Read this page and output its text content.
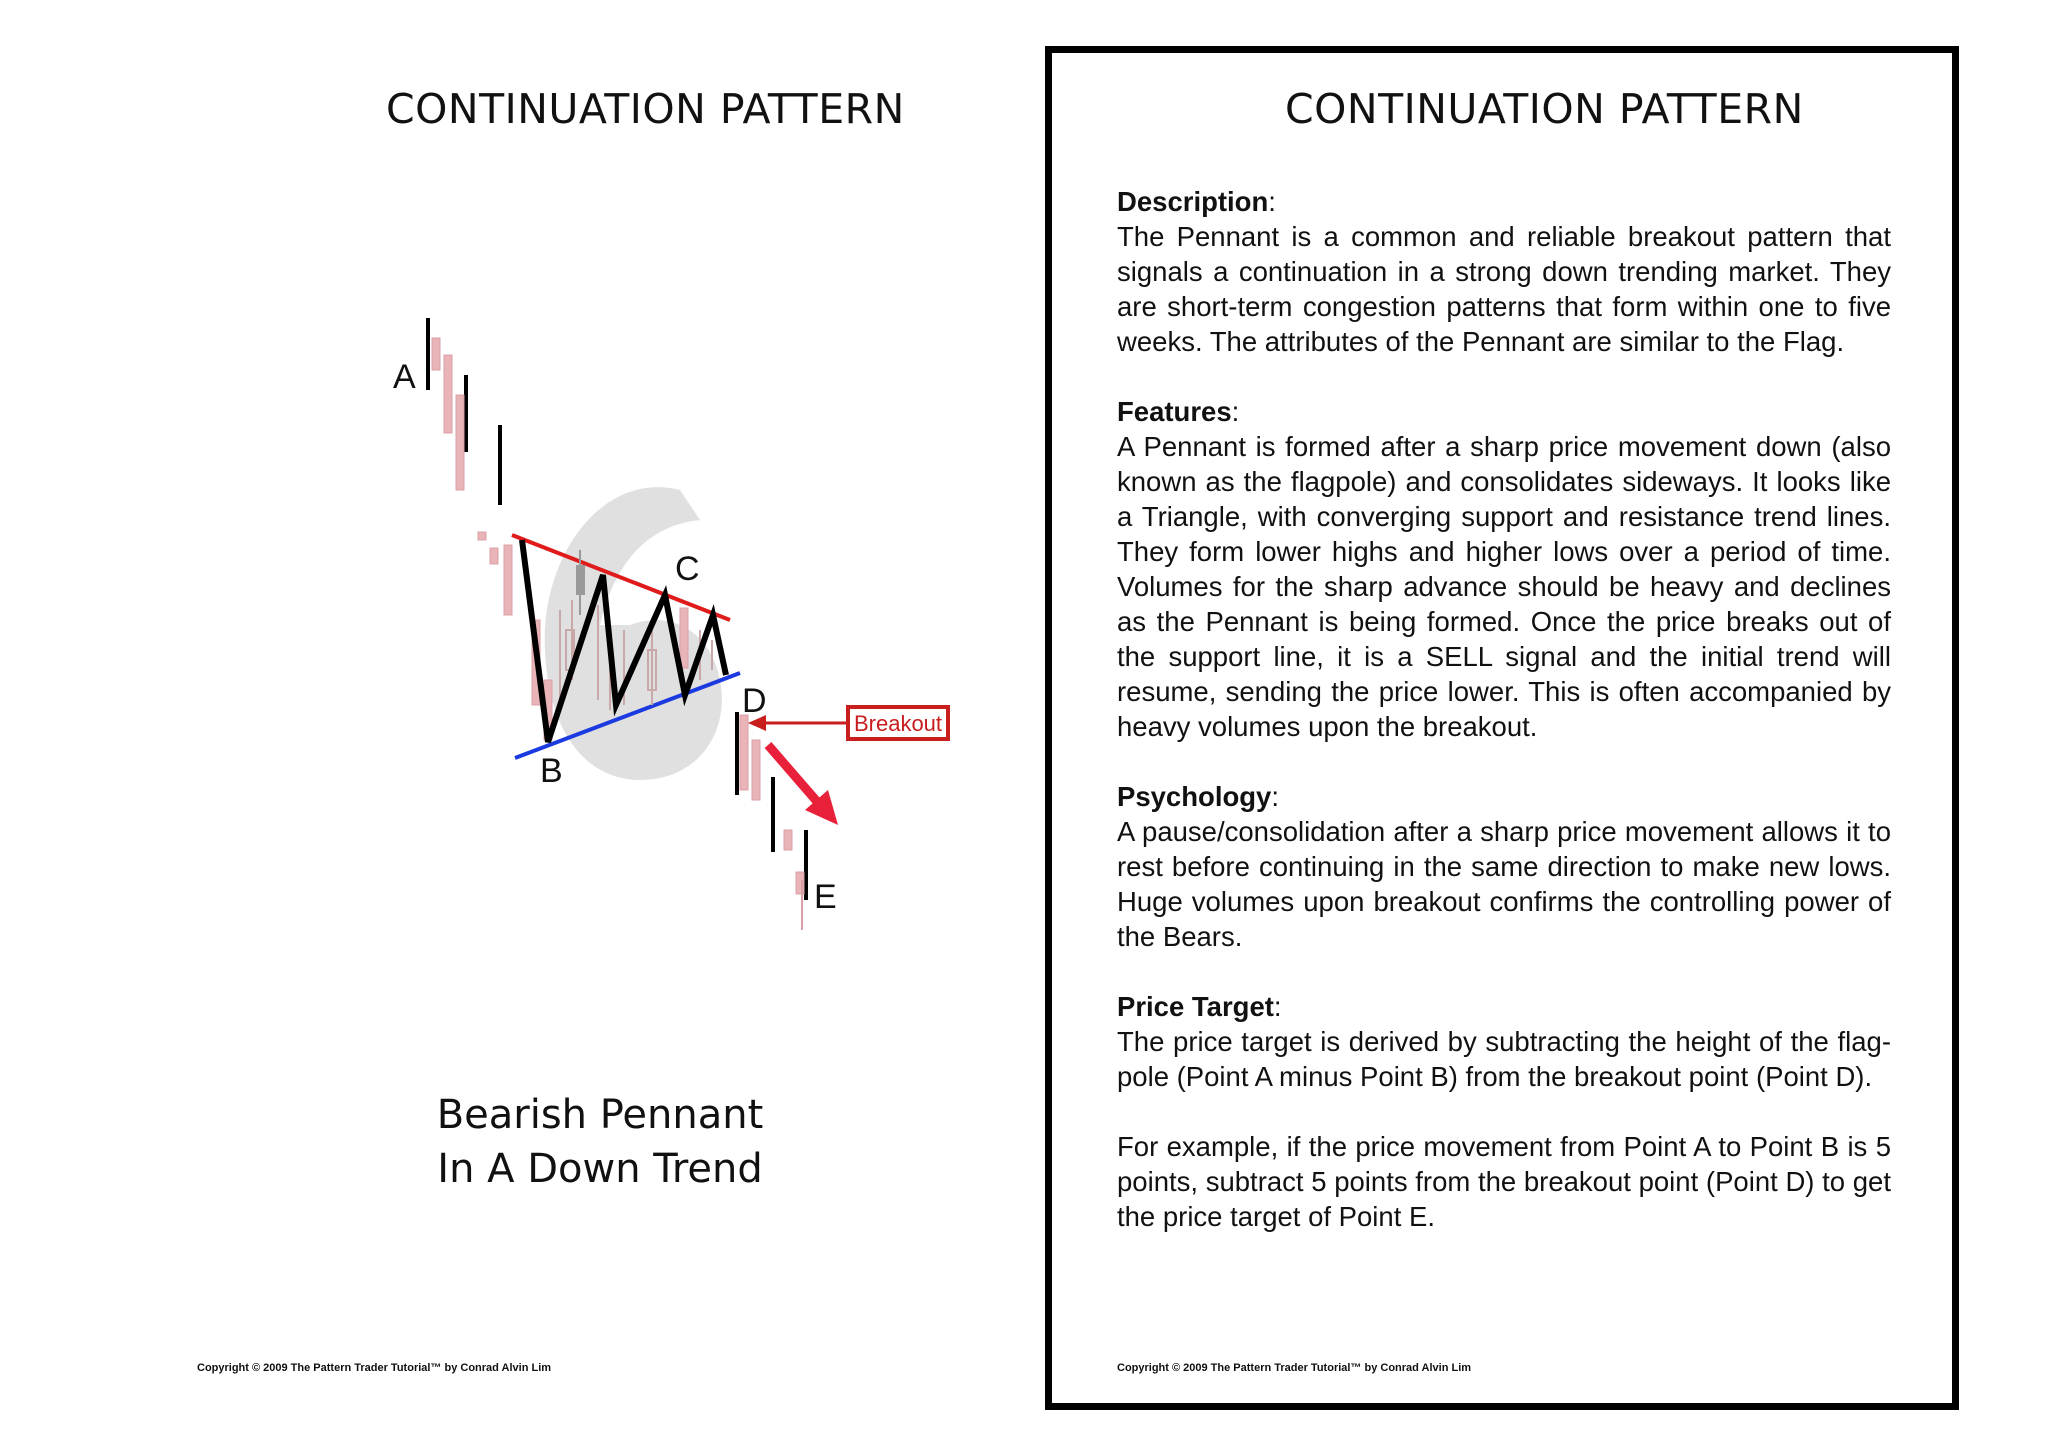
CONTINUATION PATTERN
Breakout
A
B
C
D
E
Bearish Pennant
In A Down Trend
Copyright © 2009 The Pattern Trader Tutorial™ by Conrad Alvin Lim
CONTINUATION PATTERN
Description:

The Pennant is a common and reliable breakout pattern that signals a continuation in a strong down trending market. They are short-term congestion patterns that form within one to five weeks. The attributes of the Pennant are similar to the Flag.

Features:

A Pennant is formed after a sharp price movement down (also known as the flagpole) and consolidates sideways. It looks like a Triangle, with converging support and resistance trend lines. They form lower highs and higher lows over a period of time. Volumes for the sharp advance should be heavy and declines as the Pennant is being formed. Once the price breaks out of the support line, it is a SELL signal and the initial trend will resume, sending the price lower. This is often accompanied by heavy volumes upon the breakout.

Psychology:

A pause/consolidation after a sharp price movement allows it to rest before continuing in the same direction to make new lows. Huge volumes upon breakout confirms the controlling power of the Bears.

Price Target:

The price target is derived by subtracting the height of the flag-pole (Point A minus Point B) from the breakout point (Point D).

For example, if the price movement from Point A to Point B is 5 points, subtract 5 points from the breakout point (Point D) to get the price target of Point E.

Copyright © 2009 The Pattern Trader Tutorial™ by Conrad Alvin Lim
